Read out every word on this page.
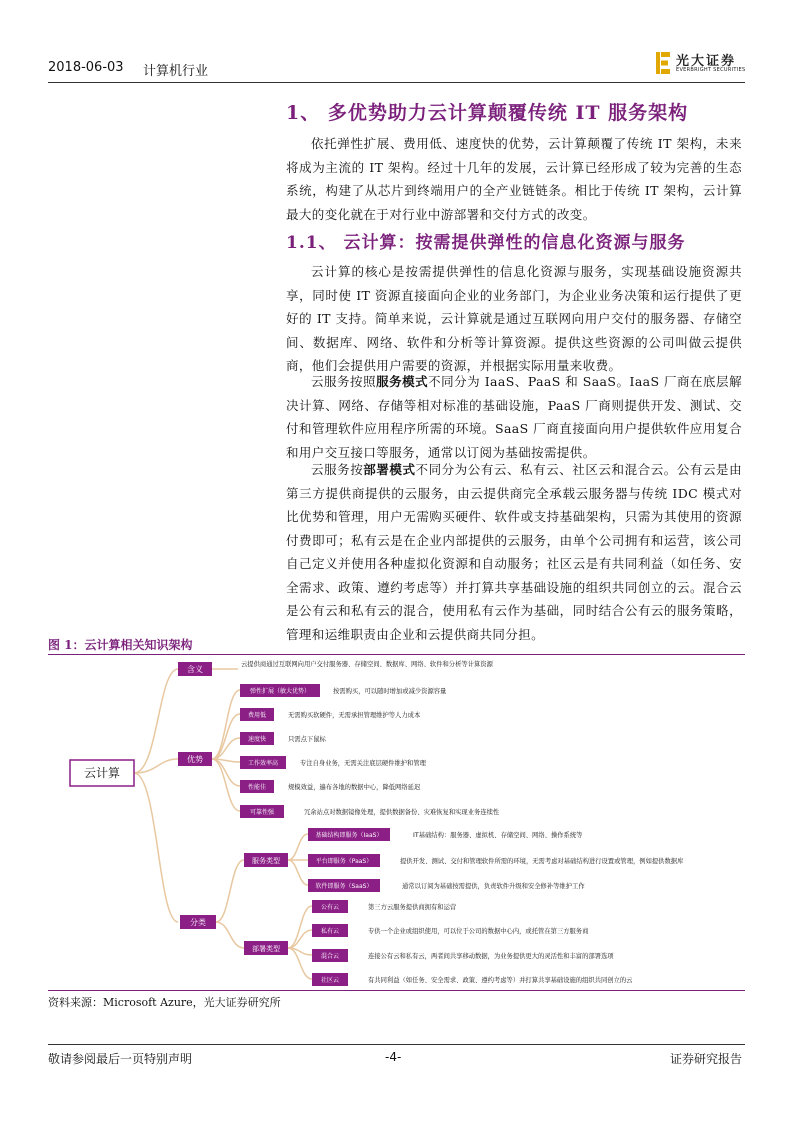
2018-06-03 计算机行业
光大证券
EVERBRIGHT SECURITIES
1、 多优势助力云计算颠覆传统 IT 服务架构
依托弹性扩展、费用低、速度快的优势，云计算颠覆了传统 IT 架构，未来将成为主流的 IT 架构。经过十几年的发展，云计算已经形成了较为完善的生态系统，构建了从芯片到终端用户的全产业链链条。相比于传统 IT 架构，云计算最大的变化就在于对行业中游部署和交付方式的改变。
1.1、 云计算：按需提供弹性的信息化资源与服务
云计算的核心是按需提供弹性的信息化资源与服务，实现基础设施资源共享，同时使 IT 资源直接面向企业的业务部门，为企业业务决策和运行提供了更好的 IT 支持。简单来说，云计算就是通过互联网向用户交付的服务器、存储空间、数据库、网络、软件和分析等计算资源。提供这些资源的公司叫做云提供商，他们会提供用户需要的资源，并根据实际用量来收费。
云服务按照服务模式不同分为 IaaS、PaaS 和 SaaS。IaaS 厂商在底层解决计算、网络、存储等相对标准的基础设施，PaaS 厂商则提供开发、测试、交付和管理软件应用程序所需的环境。SaaS 厂商直接面向用户提供软件应用复合和用户交互接口等服务，通常以订阅为基础按需提供。
云服务按部署模式不同分为公有云、私有云、社区云和混合云。公有云是由第三方提供商提供的云服务，由云提供商完全承载云服务器与传统 IDC 模式对比优势和管理，用户无需购买硬件、软件或支持基础架构，只需为其使用的资源付费即可；私有云是在企业内部提供的云服务，由单个公司拥有和运营，该公司自己定义并使用各种虚拟化资源和自动服务；社区云是有共同利益（如任务、安全需求、政策、遵约考虑等）并打算共享基础设施的组织共同创立的云。混合云是公有云和私有云的混合，使用私有云作为基础，同时结合公有云的服务策略，管理和运维职责由企业和云提供商共同分担。
图 1：云计算相关知识架构
云计算
含义
云提供商通过互联网向用户交付服务器、存储空间、数据库、网络、软件和分析等计算资源
优势
弹性扩展（敏大优势）	按需购买，可以随时增加或减少资源容量
费用低	无需购买软硬件，无需承担管理维护等人力成本
速度快	只需点下鼠标
工作效率高	专注自身业务，无需关注底层硬件维护和管理
性能佳	规模效益，遍布各地的数据中心，降低网络延迟
可靠性强	冗余站点对数据镜像处理，提供数据备份、灾难恢复和实现业务连续性
分类
服务类型
基础结构即服务（IaaS）	IT基础结构：服务器、虚拟机、存储空间、网络、操作系统等
平台即服务（PaaS）	提供开发、测试、交付和管理软件所需的环境，无需考虑对基础结构进行设置或管理，例如提供数据库
软件即服务（SaaS）	通常以订阅为基础按需提供，负责软件升级和安全修补等维护工作
部署类型
公有云	第三方云服务提供商拥有和运营
私有云	专供一个企业或组织使用，可以位于公司的数据中心内，或托管在第三方服务商
混合云	连接公有云和私有云，两者间共享移动数据，为业务提供更大的灵活性和丰富的部署选项
社区云	有共同利益（如任务、安全需求、政策、遵约考虑等）并打算共享基础设施的组织共同创立的云
资料来源：Microsoft Azure，光大证券研究所
敬请参阅最后一页特别声明	-4-	证券研究报告
